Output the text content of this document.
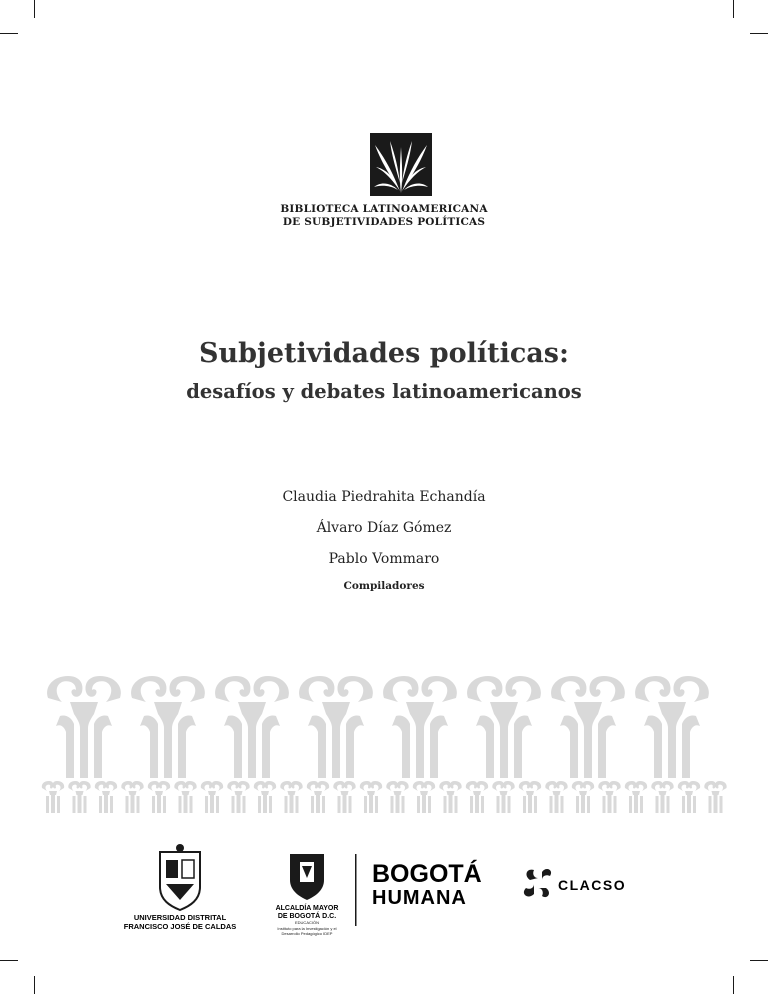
BIBLIOTECA LATINOAMERICANA
DE SUBJETIVIDADES POLÍTICAS
Subjetividades políticas:
desafíos y debates latinoamericanos
Claudia Piedrahita Echandía
Álvaro Díaz Gómez
Pablo Vommaro
Compiladores
UNIVERSIDAD DISTRITAL
FRANCISCO JOSÉ DE CALDAS
ALCALDÍA MAYOR
DE BOGOTÁ D.C.
EDUCACIÓN
Instituto para la Investigación y el
Desarrollo Pedagógico IDEP
BOGOTÁ
HUMANA
CLACSO
